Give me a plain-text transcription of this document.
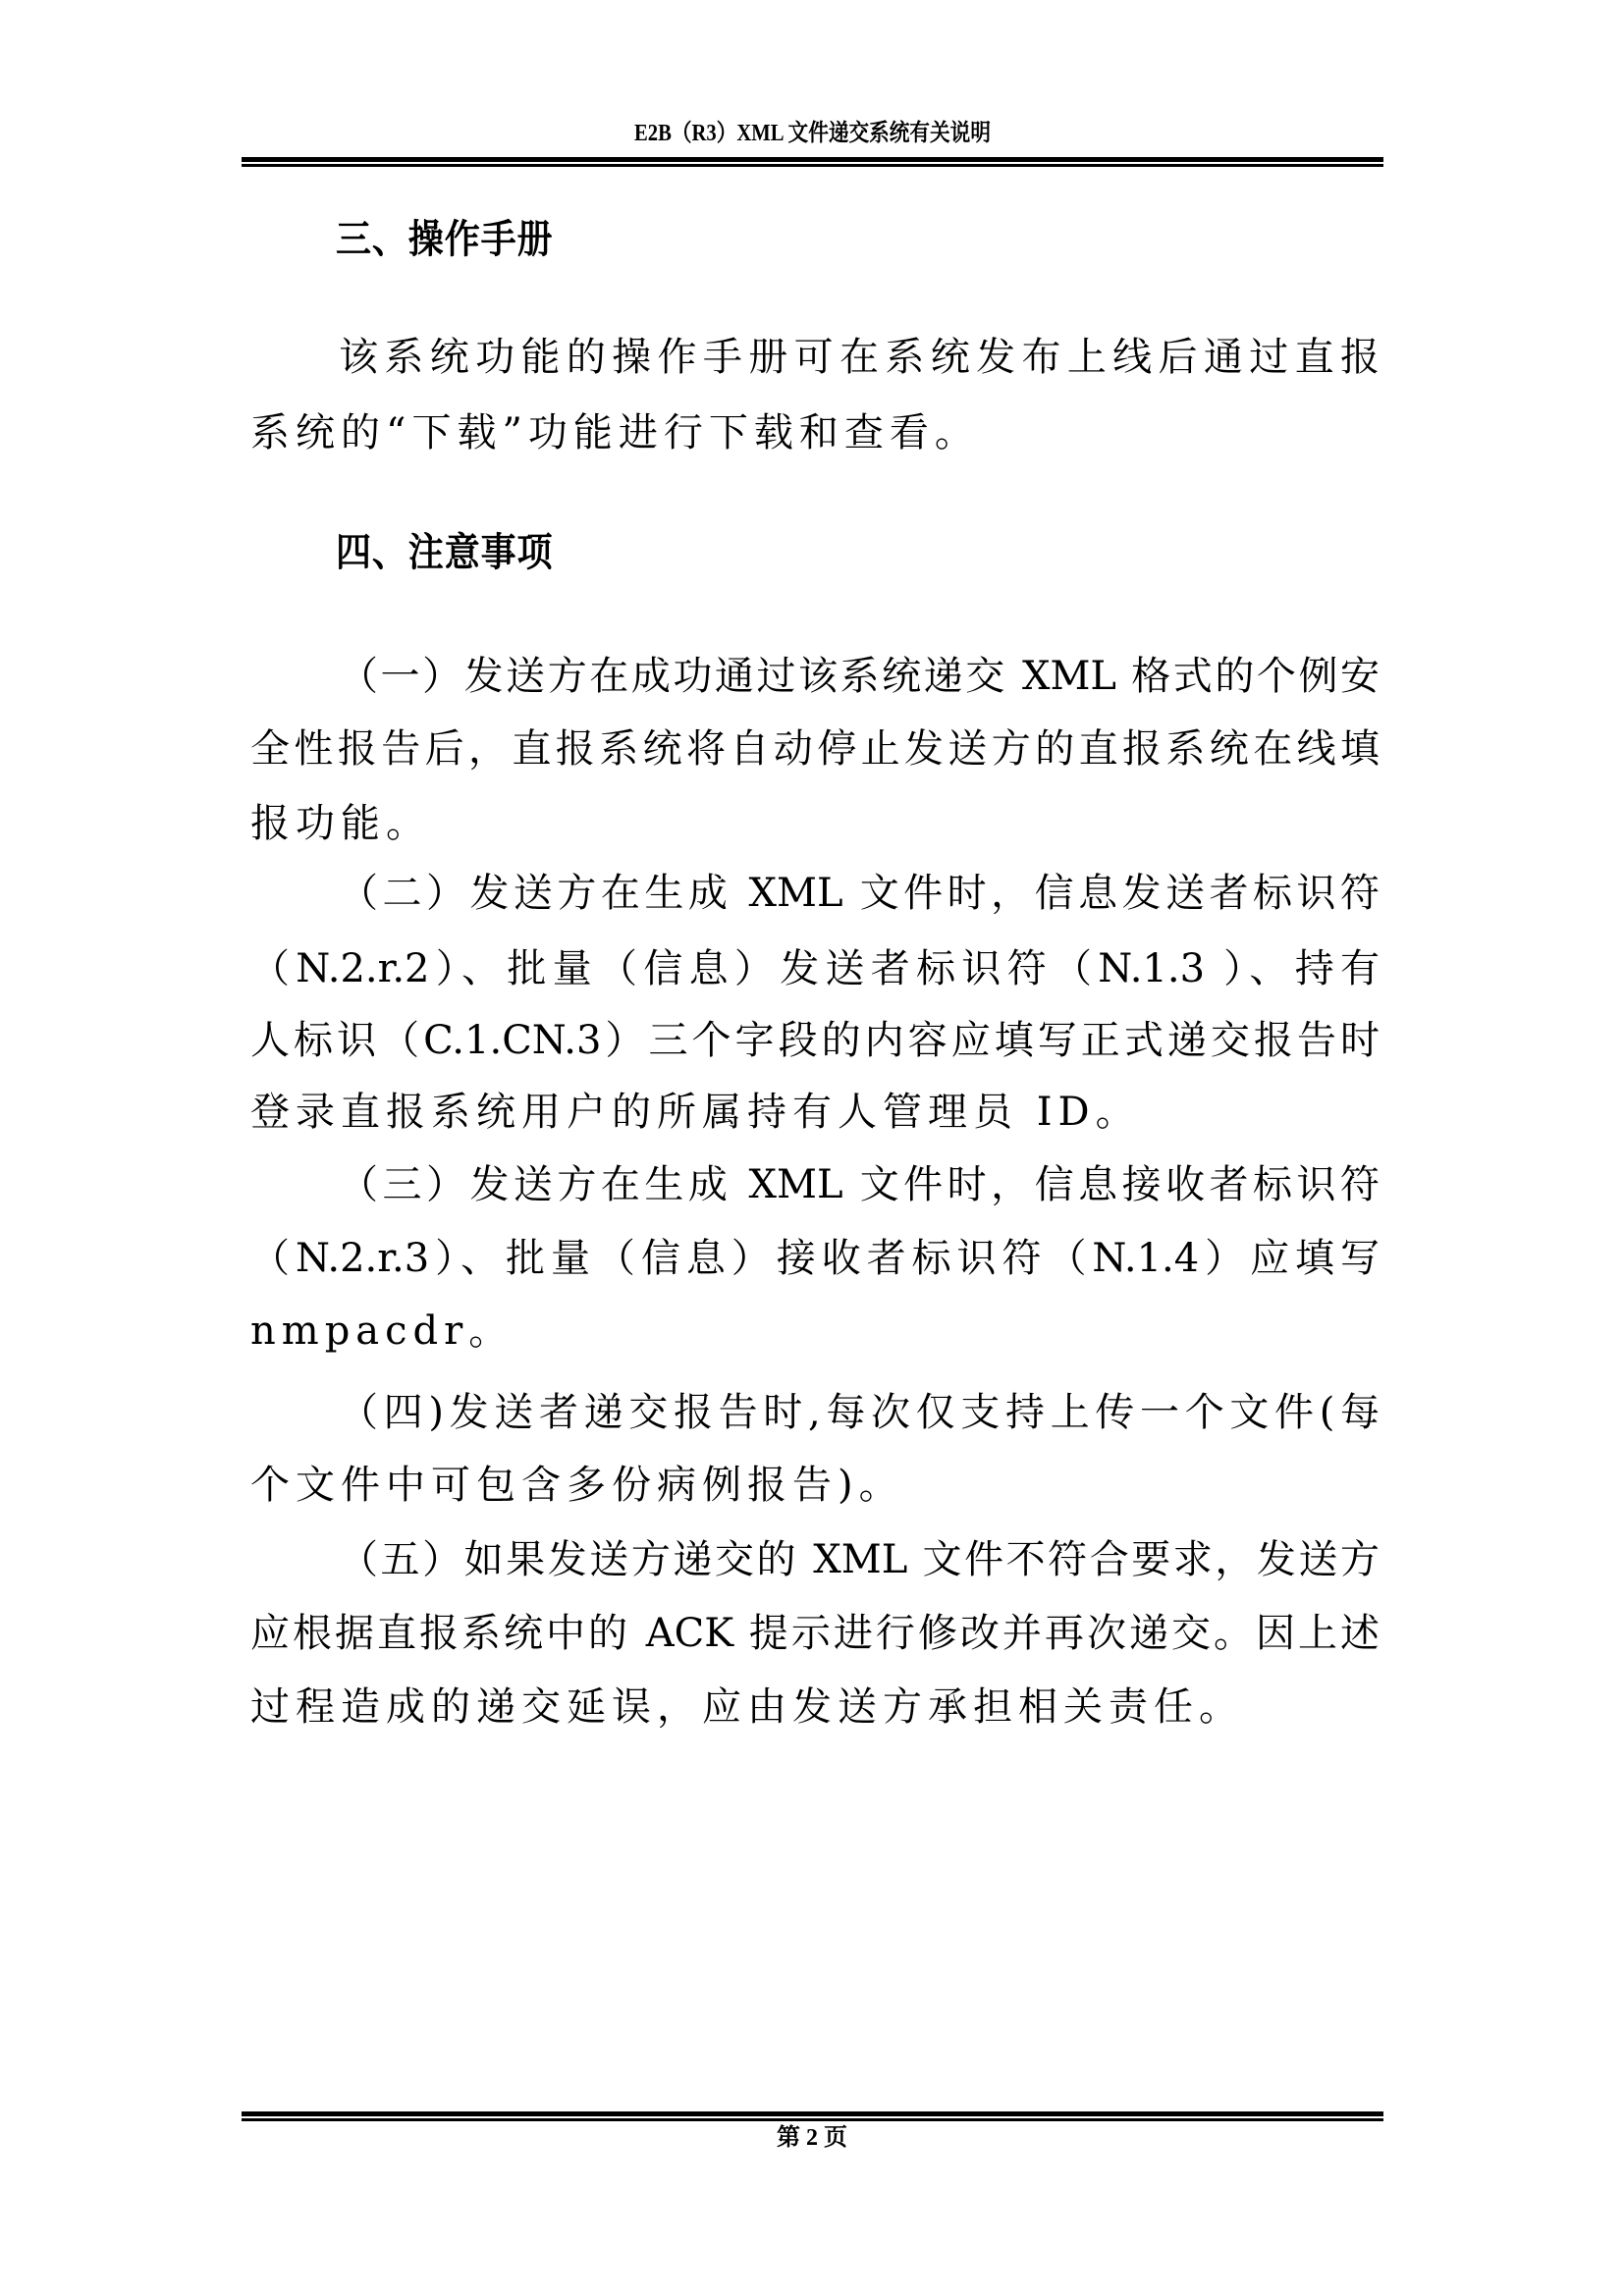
E2B（R3）XML 文件递交系统有关说明
三、操作手册
该系统功能的操作手册可在系统发布上线后通过直报
系统的“下载”功能进行下载和查看。
四、注意事项
（一）发送方在成功通过该系统递交 XML 格式的个例安
全性报告后，直报系统将自动停止发送方的直报系统在线填
报功能。
（二）发送方在生成 XML 文件时，信息发送者标识符
（N.2.r.2）、批量（信息）发送者标识符（N.1.3 ）、持有
人标识（C.1.CN.3）三个字段的内容应填写正式递交报告时
登录直报系统用户的所属持有人管理员 ID。
（三）发送方在生成 XML 文件时，信息接收者标识符
（N.2.r.3）、批量（信息）接收者标识符（N.1.4）应填写
nmpacdr。
（四)发送者递交报告时,每次仅支持上传一个文件(每
个文件中可包含多份病例报告)。
（五）如果发送方递交的 XML 文件不符合要求，发送方
应根据直报系统中的 ACK 提示进行修改并再次递交。因上述
过程造成的递交延误，应由发送方承担相关责任。
第 2 页
